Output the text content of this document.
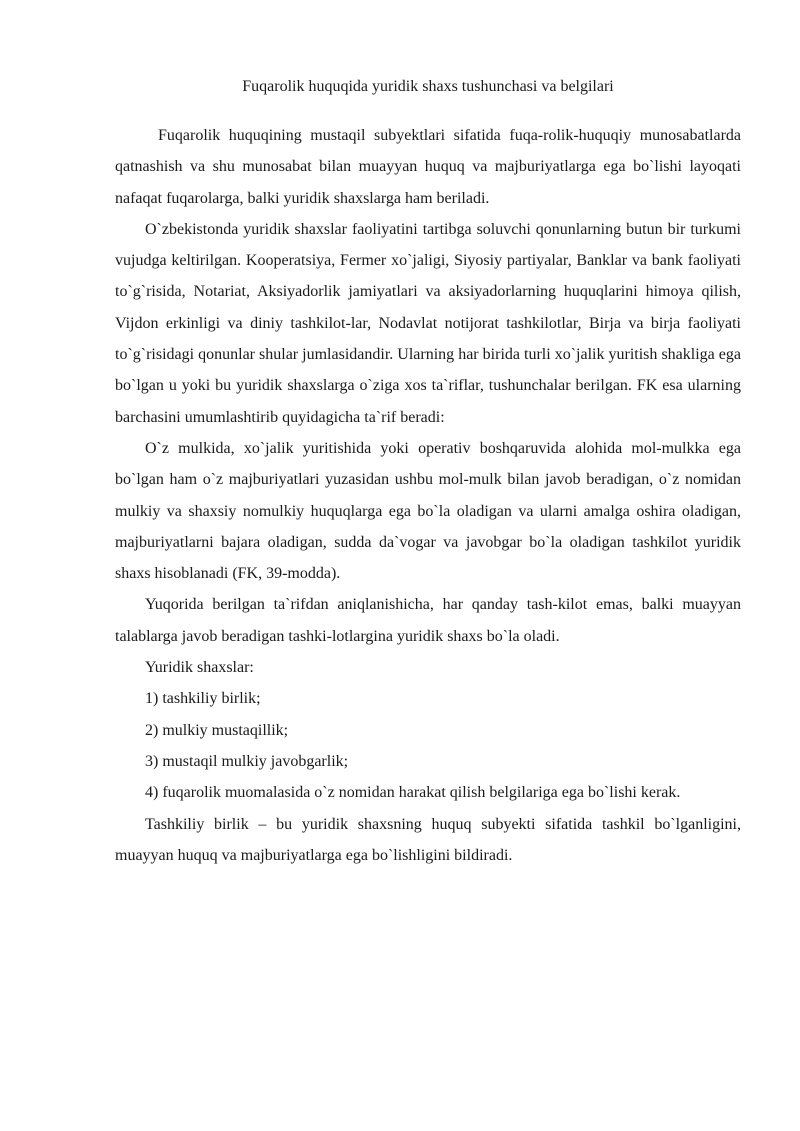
Fuqarolik huquqida yuridik shaxs tushunchasi va belgilari

Fuqarolik huquqining mustaqil subyektlari sifatida fuqa-rolik-huquqiy munosabatlarda qatnashish va shu munosabat bilan muayyan huquq va majburiyatlarga ega bo`lishi layoqati nafaqat fuqarolarga, balki yuridik shaxslarga ham beriladi.

O`zbekistonda yuridik shaxslar faoliyatini tartibga soluvchi qonunlarning butun bir turkumi vujudga keltirilgan. Kooperatsiya, Fermer xo`jaligi, Siyosiy partiyalar, Banklar va bank faoliyati to`g`risida, Notariat, Aksiyadorlik jamiyatlari va aksiyadorlarning huquqlarini himoya qilish, Vijdon erkinligi va diniy tashkilot-lar, Nodavlat notijorat tashkilotlar, Birja va birja faoliyati to`g`risidagi qonunlar shular jumlasidandir. Ularning har birida turli xo`jalik yuritish shakliga ega bo`lgan u yoki bu yuridik shaxslarga o`ziga xos ta`riflar, tushunchalar berilgan. FK esa ularning barchasini umumlashtirib quyidagicha ta`rif beradi:

O`z mulkida, xo`jalik yuritishida yoki operativ boshqaruvida alohida mol-mulkka ega bo`lgan ham o`z majburiyatlari yuzasidan ushbu mol-mulk bilan javob beradigan, o`z nomidan mulkiy va shaxsiy nomulkiy huquqlarga ega bo`la oladigan va ularni amalga oshira oladigan, majburiyatlarni bajara oladigan, sudda da`vogar va javobgar bo`la oladigan tashkilot yuridik shaxs hisoblanadi (FK, 39-modda).

Yuqorida berilgan ta`rifdan aniqlanishicha, har qanday tash-kilot emas, balki muayyan talablarga javob beradigan tashki-lotlargina yuridik shaxs bo`la oladi.

Yuridik shaxslar:

1) tashkiliy birlik;

2) mulkiy mustaqillik;

3) mustaqil mulkiy javobgarlik;

4) fuqarolik muomalasida o`z nomidan harakat qilish belgilariga ega bo`lishi kerak.

Tashkiliy birlik – bu yuridik shaxsning huquq subyekti sifatida tashkil bo`lganligini, muayyan huquq va majburiyatlarga ega bo`lishligini bildiradi.
